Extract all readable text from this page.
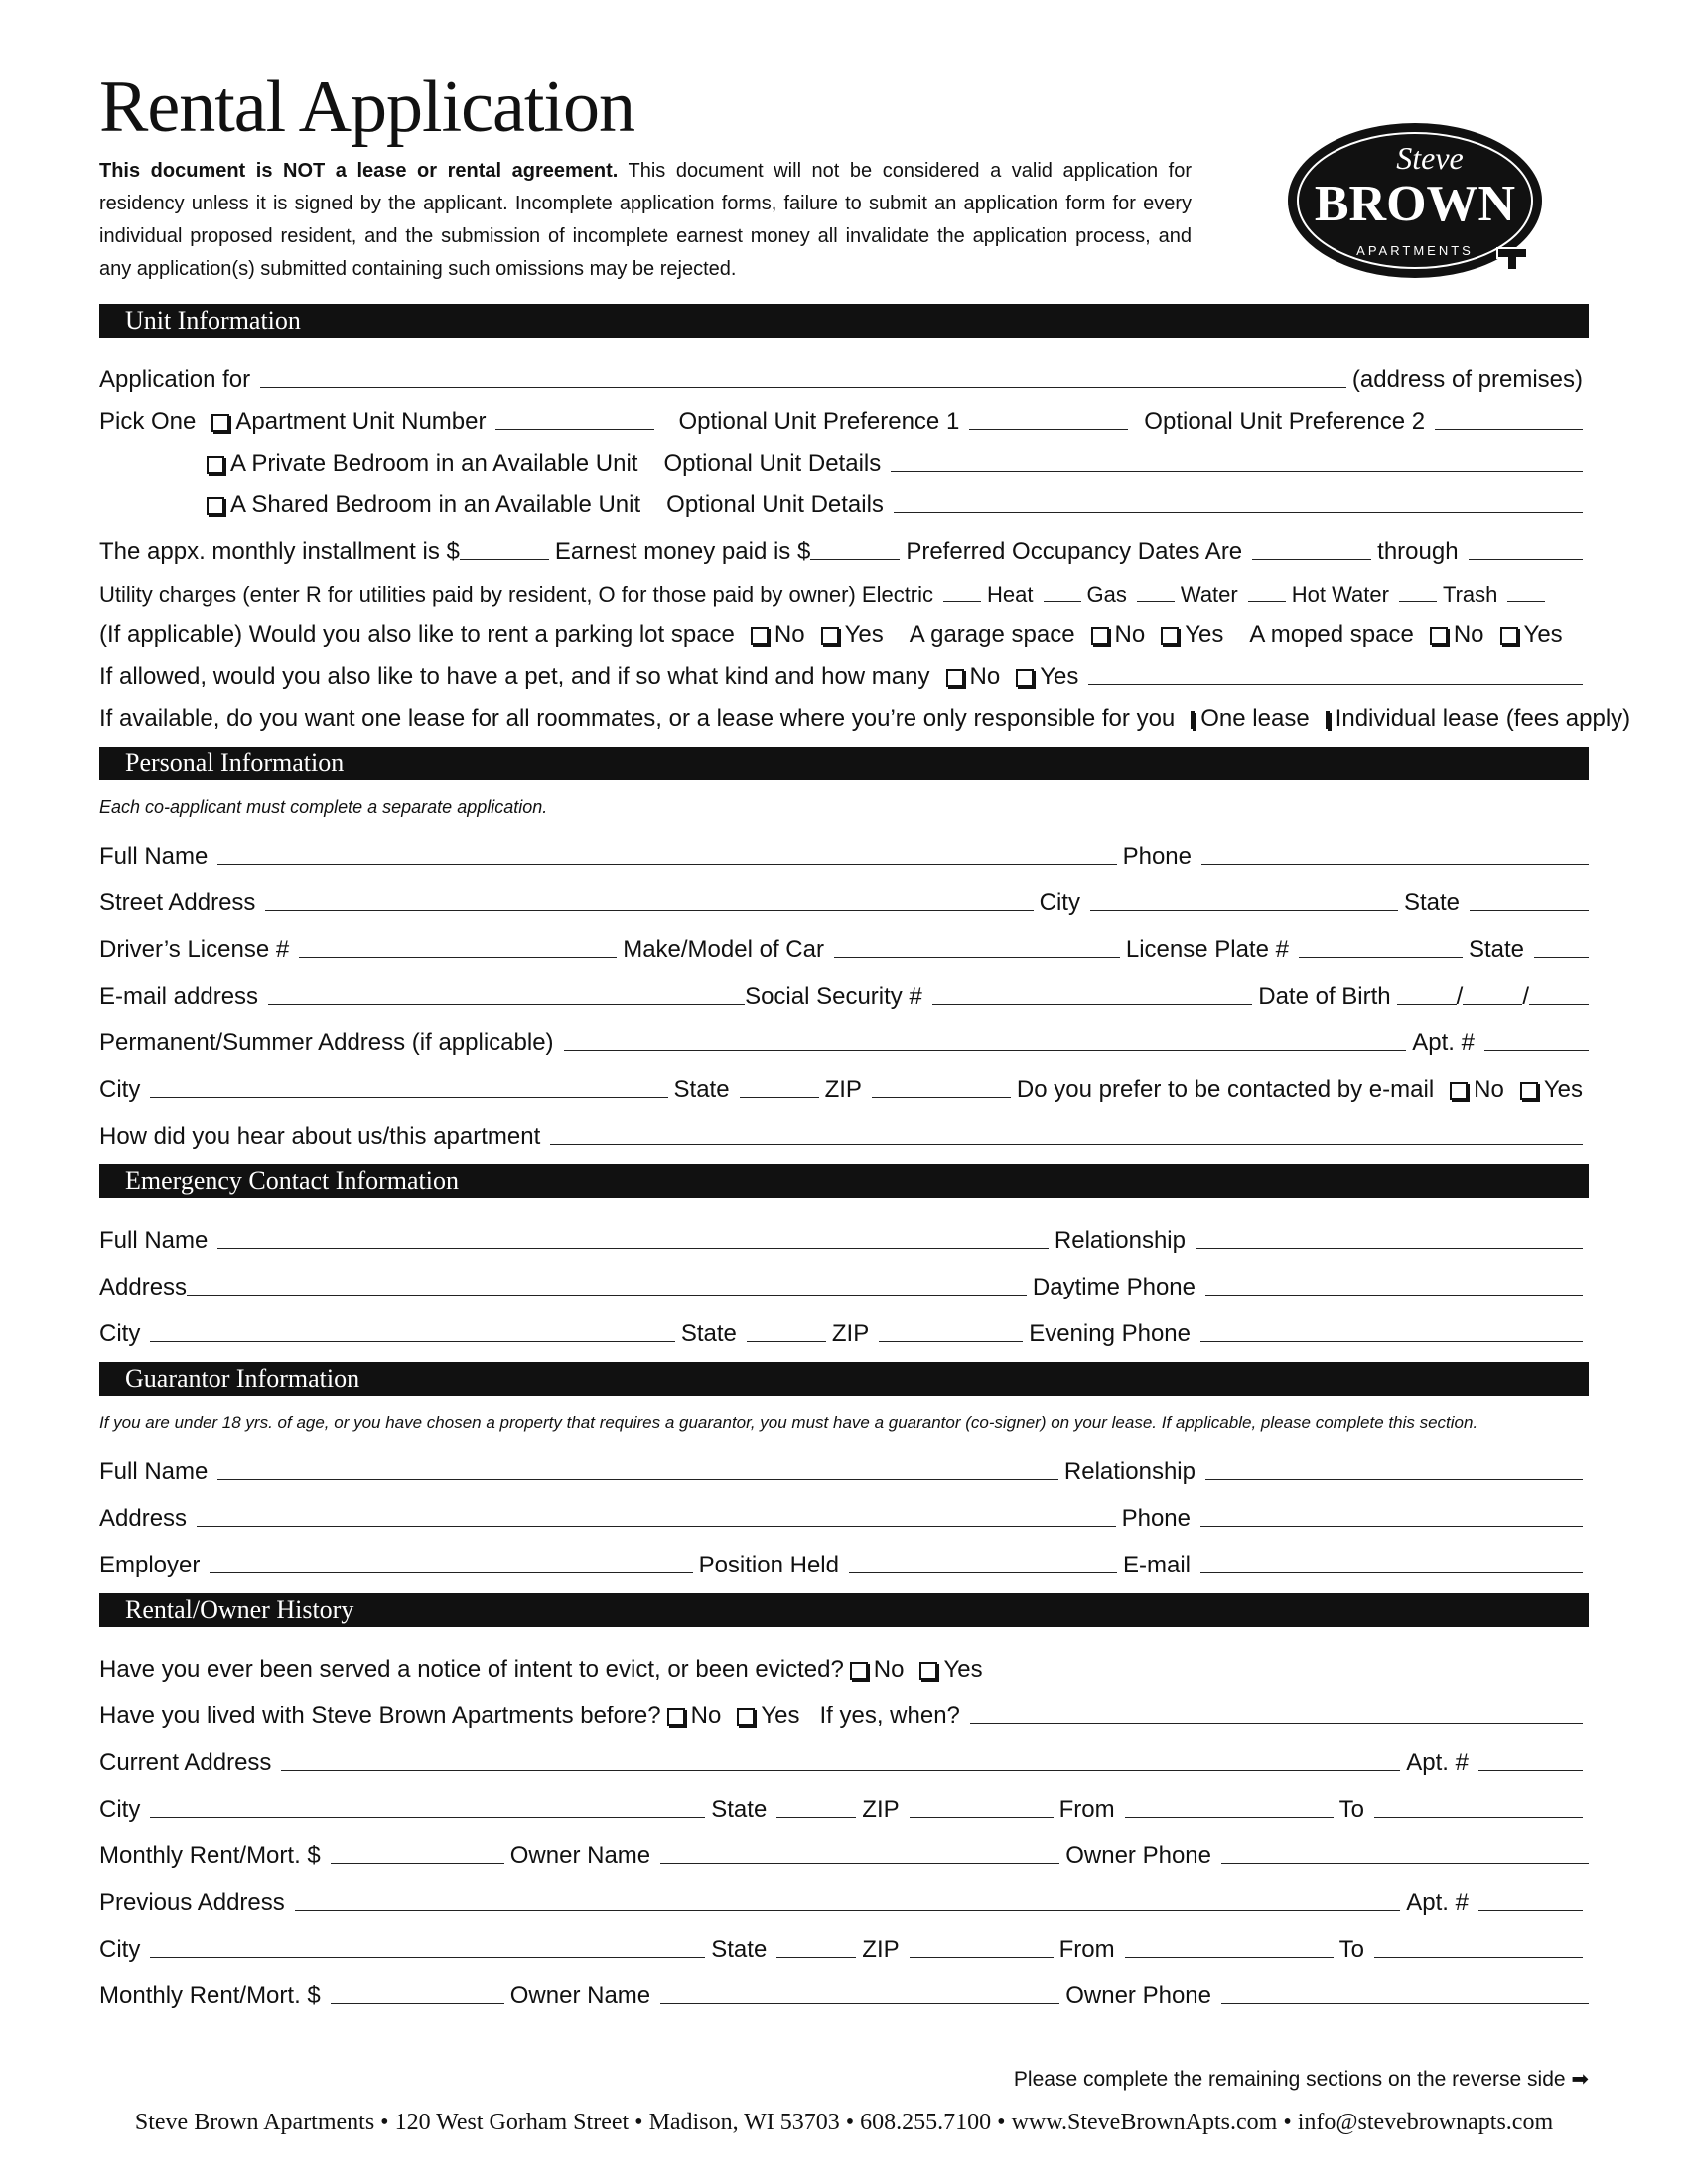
Rental Application
This document is NOT a lease or rental agreement. This document will not be considered a valid application for residency unless it is signed by the applicant. Incomplete application forms, failure to submit an application form for every individual proposed resident, and the submission of incomplete earnest money all invalidate the application process, and any application(s) submitted containing such omissions may be rejected.
Steve
BROWN
APARTMENTS
Unit Information
Application for	(address of premises)
Pick One Apartment Unit Number	Optional Unit Preference 1	Optional Unit Preference 2
A Private Bedroom in an Available Unit Optional Unit Details
A Shared Bedroom in an Available Unit Optional Unit Details
The appx. monthly installment is $	Earnest money paid is $	Preferred Occupancy Dates Are	through
Utility charges (enter R for utilities paid by resident, O for those paid by owner) Electric Heat Gas Water Hot Water Trash
(If applicable) Would you also like to rent a parking lot space No Yes A garage space No Yes A moped space No Yes
If allowed, would you also like to have a pet, and if so what kind and how many No Yes
If available, do you want one lease for all roommates, or a lease where you’re only responsible for you One lease Individual lease (fees apply)
Personal Information
Each co-applicant must complete a separate application.
Full Name	Phone
Street Address	City	State
Driver’s License #	Make/Model of Car	License Plate #	State
E-mail address	Social Security #	Date of Birth	/	/
Permanent/Summer Address (if applicable)	Apt. #
City	State	ZIP	Do you prefer to be contacted by e-mail No Yes
How did you hear about us/this apartment
Emergency Contact Information
Full Name	Relationship
Address	Daytime Phone
City	State	ZIP	Evening Phone
Guarantor Information
If you are under 18 yrs. of age, or you have chosen a property that requires a guarantor, you must have a guarantor (co-signer) on your lease. If applicable, please complete this section.
Full Name	Relationship
Address	Phone
Employer	Position Held	E-mail
Rental/Owner History
Have you ever been served a notice of intent to evict, or been evicted? No Yes
Have you lived with Steve Brown Apartments before? No Yes If yes, when?
Current Address	Apt. #
City	State	ZIP	From	To
Monthly Rent/Mort. $	Owner Name	Owner Phone
Previous Address	Apt. #
City	State	ZIP	From	To
Monthly Rent/Mort. $	Owner Name	Owner Phone
Please complete the remaining sections on the reverse side ➡
Steve Brown Apartments • 120 West Gorham Street • Madison, WI 53703 • 608.255.7100 • www.SteveBrownApts.com • info@stevebrownapts.com
